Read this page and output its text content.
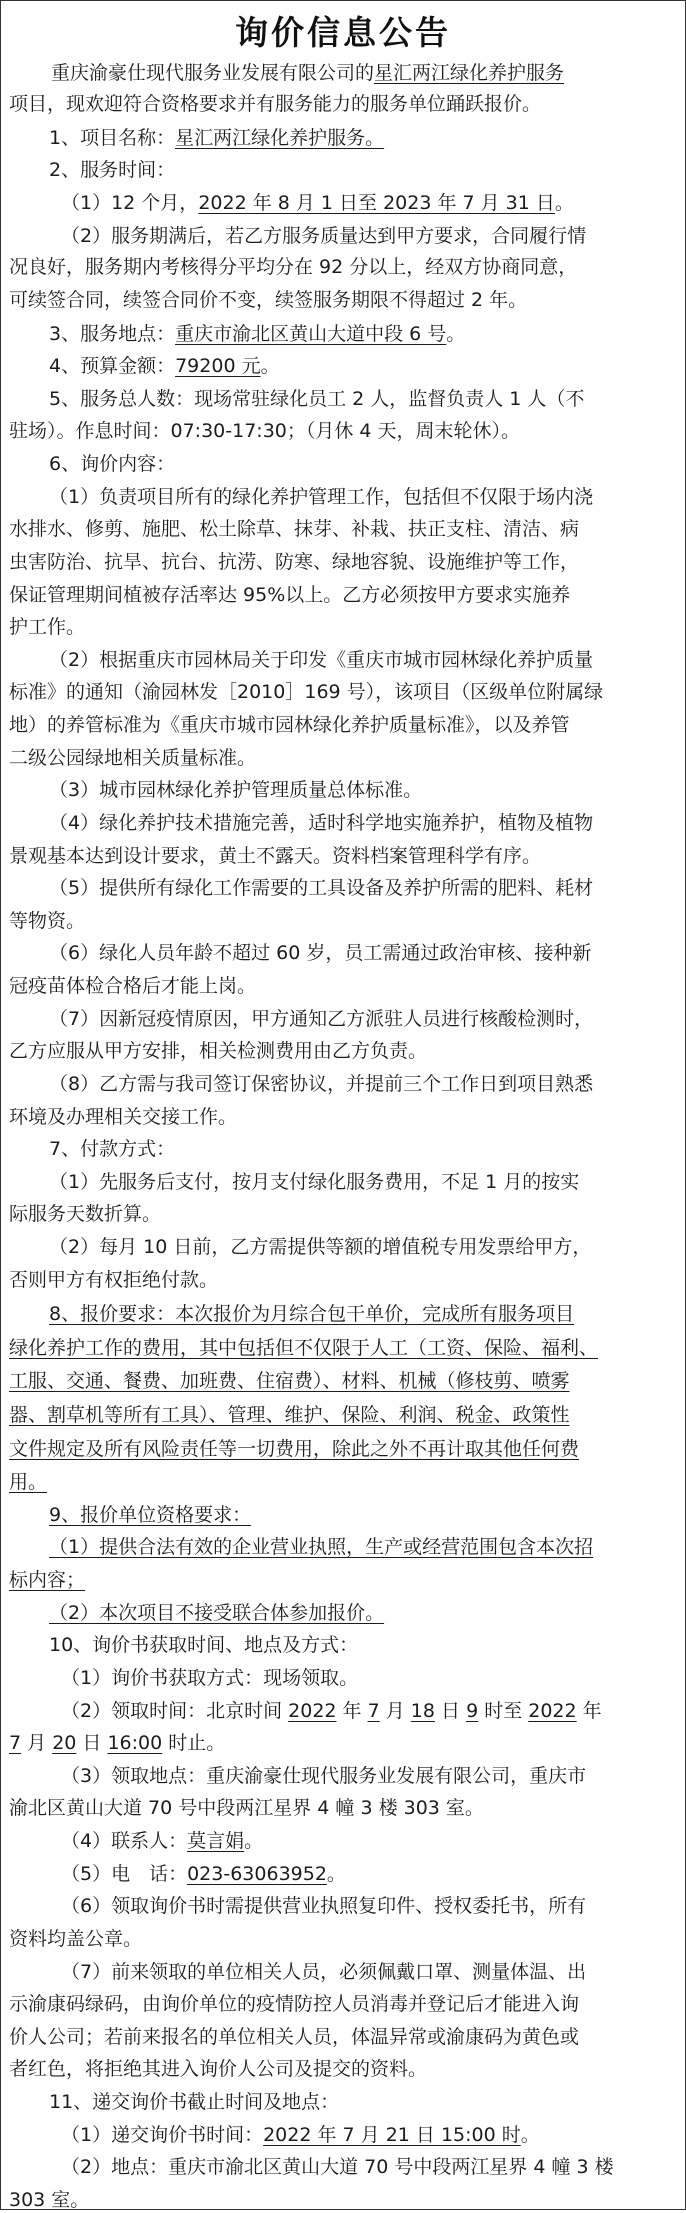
询价信息公告
重庆渝豪仕现代服务业发展有限公司的星汇两江绿化养护服务
项目，现欢迎符合资格要求并有服务能力的服务单位踊跃报价。
1、项目名称：星汇两江绿化养护服务。
2、服务时间：
（1）12 个月，2022 年 8 月 1 日至 2023 年 7 月 31 日。
（2）服务期满后，若乙方服务质量达到甲方要求，合同履行情
况良好，服务期内考核得分平均分在 92 分以上，经双方协商同意，
可续签合同，续签合同价不变，续签服务期限不得超过 2 年。
3、服务地点：重庆市渝北区黄山大道中段 6 号。
4、预算金额：79200 元。
5、服务总人数：现场常驻绿化员工 2 人，监督负责人 1 人（不
驻场）。作息时间：07:30-17:30；（月休 4 天，周末轮休）。
6、询价内容：
（1）负责项目所有的绿化养护管理工作，包括但不仅限于场内浇
水排水、修剪、施肥、松土除草、抹芽、补栽、扶正支柱、清洁、病
虫害防治、抗旱、抗台、抗涝、防寒、绿地容貌、设施维护等工作，
保证管理期间植被存活率达 95%以上。乙方必须按甲方要求实施养
护工作。
（2）根据重庆市园林局关于印发《重庆市城市园林绿化养护质量
标准》的通知（渝园林发［2010］169 号），该项目（区级单位附属绿
地）的养管标准为《重庆市城市园林绿化养护质量标准》，以及养管
二级公园绿地相关质量标准。
（3）城市园林绿化养护管理质量总体标准。
（4）绿化养护技术措施完善，适时科学地实施养护，植物及植物
景观基本达到设计要求，黄土不露天。资料档案管理科学有序。
（5）提供所有绿化工作需要的工具设备及养护所需的肥料、耗材
等物资。
（6）绿化人员年龄不超过 60 岁，员工需通过政治审核、接种新
冠疫苗体检合格后才能上岗。
（7）因新冠疫情原因，甲方通知乙方派驻人员进行核酸检测时，
乙方应服从甲方安排，相关检测费用由乙方负责。
（8）乙方需与我司签订保密协议，并提前三个工作日到项目熟悉
环境及办理相关交接工作。
7、付款方式：
（1）先服务后支付，按月支付绿化服务费用，不足 1 月的按实
际服务天数折算。
（2）每月 10 日前，乙方需提供等额的增值税专用发票给甲方，
否则甲方有权拒绝付款。
8、报价要求：本次报价为月综合包干单价，完成所有服务项目
绿化养护工作的费用，其中包括但不仅限于人工（工资、保险、福利、
工服、交通、餐费、加班费、住宿费）、材料、机械（修枝剪、喷雾
器、割草机等所有工具）、管理、维护、保险、利润、税金、政策性
文件规定及所有风险责任等一切费用，除此之外不再计取其他任何费
用。
9、报价单位资格要求：
（1）提供合法有效的企业营业执照，生产或经营范围包含本次招
标内容；
（2）本次项目不接受联合体参加报价。
10、询价书获取时间、地点及方式：
（1）询价书获取方式：现场领取。
（2）领取时间：北京时间 2022 年 7 月 18 日 9 时至 2022 年
7 月 20 日 16:00 时止。
（3）领取地点：重庆渝豪仕现代服务业发展有限公司，重庆市
渝北区黄山大道 70 号中段两江星界 4 幢 3 楼 303 室。
（4）联系人：莫言娟。
（5）电　话：023-63063952。
（6）领取询价书时需提供营业执照复印件、授权委托书，所有
资料均盖公章。
（7）前来领取的单位相关人员，必须佩戴口罩、测量体温、出
示渝康码绿码，由询价单位的疫情防控人员消毒并登记后才能进入询
价人公司；若前来报名的单位相关人员，体温异常或渝康码为黄色或
者红色，将拒绝其进入询价人公司及提交的资料。
11、递交询价书截止时间及地点：
（1）递交询价书时间：2022 年 7 月 21 日 15:00 时。
（2）地点：重庆市渝北区黄山大道 70 号中段两江星界 4 幢 3 楼
303 室。
